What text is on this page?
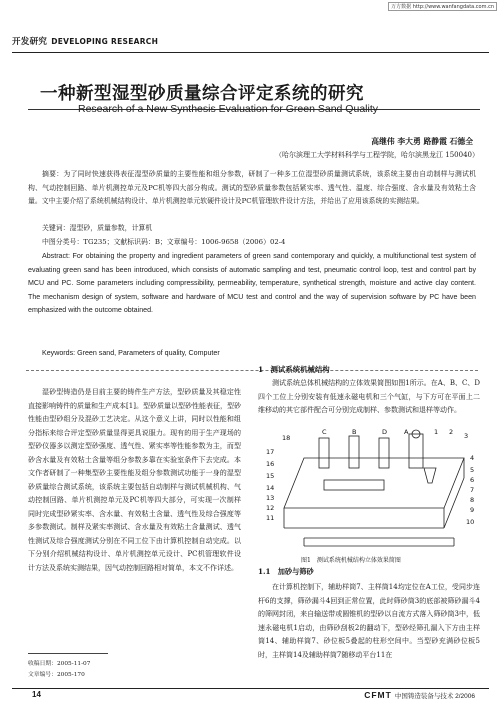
万方数据 http://www.wanfangdata.com.cn
开发研究 DEVELOPING RESEARCH
一种新型湿型砂质量综合评定系统的研究
Research of a New Synthesis Evaluation for Green Sand Quality
高继伟 李大勇 路静霞 石德全
（哈尔滨理工大学材料科学与工程学院，哈尔滨黑龙江 150040）
摘要：为了同时快速获得表征湿型砂质量的主要性能和组分参数，研制了一种多工位湿型砂质量测试系统，该系统主要由自动制样与测试机构、气动控制回路、单片机测控单元及PC机等四大部分构成。测试的型砂质量参数包括紧实率、透气性、温度、综合强度、含水量及有效粘土含量。文中主要介绍了系统机械结构设计、单片机测控单元软硬件设计及PC机管理软件设计方法，并给出了应用该系统的实测结果。
关键词：湿型砂，质量参数，计算机
中图分类号：TG235；文献标识码：B；文章编号：1006-9658（2006）02-4
Abstract: For obtaining the property and ingredient parameters of green sand contemporary and quickly, a multifunctional test system of evaluating green sand has been introduced, which consists of automatic sampling and test, pneumatic control loop, test and control part by MCU and PC. Some parameters including compressibility, permeability, temperature, synthetical strength, moisture and active clay content. The mechanism design of system, software and hardware of MCU test and control and the way of supervision software by PC have been emphasized with the outcome obtained.
Keywords: Green sand, Parameters of quality, Computer
湿砂型铸造仍是目前主要的铸件生产方法，型砂质量及其稳定性直接影响铸件的质量和生产成本[1]。型砂质量以型砂性能表征，型砂性能由型砂组分及混砂工艺决定。从这个意义上讲，同时以性能和组分指标来综合评定型砂质量显得更具说服力。现有的用于生产现场的型砂仪器多以测定型砂强度、透气性、紧实率等性能参数为主，而型砂含水量及有效粘土含量等组分参数多靠在实验室条件下去完成。本文作者研制了一种集型砂主要性能及组分参数测试功能于一身的湿型砂质量综合测试系统，该系统主要包括自动制样与测试机械机构、气动控制回路、单片机测控单元及PC机等四大部分，可实现一次制样同时完成型砂紧实率、含水量、有效粘土含量、透气性及综合强度等多参数测试。制样及紧实率测试、含水量及有效粘土含量测试、透气性测试及综合强度测试分别在不同工位下由计算机控制自动完成。以下分别介绍机械结构设计、单片机测控单元设计、PC机管理软件设计方法及系统实测结果，因气动控制回路相对简单，本文不作详述。
1　测试系统机械结构
测试系统总体机械结构的立体效果简图如图1所示。在A、B、C、D四个工位上分别安装有低速永磁电机和三个气缸，与下方可在平面上二维移动的其它部件配合可分别完成制样、参数测试和退样等动作。
18
C	B	D	A	1 2 3
17
16
15
14
13
12
11
4
5
6
7
8
9
10
图1　测试系统机械结构立体效果简图
1.1　加砂与筛砂
在计算机控制下，辅助样筒7、主样筒14均定位在A工位，受同步连杆6的支撑，筛砂漏斗4回到正常位置，此时筛砂筒3的底部被筛砂漏斗4的筛网封闭，来自输送带或圆锥机的型砂以自流方式落入筛砂筒3中，低速永磁电机1启动，由筛砂刮板2的翻动下，型砂经筛孔漏入下方由主样筒14、辅助样筒7、砂位板5叠起的柱形空间中。当型砂充满砂位板5时，主样筒14及辅助样筒7随移动平台11在
收稿日期：2005-11-07
文章编号：2005-170
14	CFMT 中国铸造装备与技术 2/2006
